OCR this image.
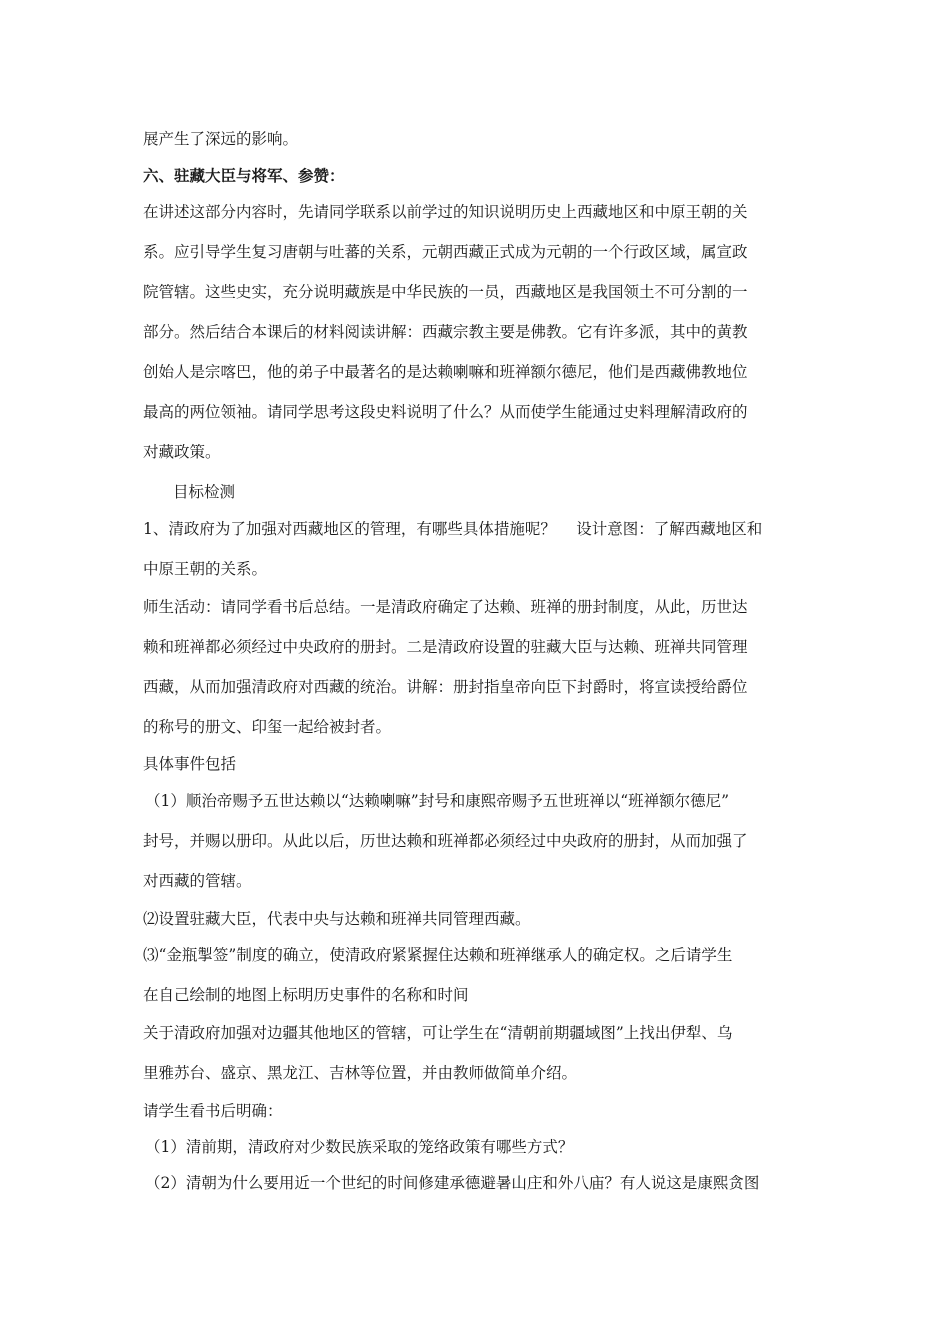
展产生了深远的影响。
六、驻藏大臣与将军、参赞：
在讲述这部分内容时，先请同学联系以前学过的知识说明历史上西藏地区和中原王朝的关
系。应引导学生复习唐朝与吐蕃的关系，元朝西藏正式成为元朝的一个行政区域，属宣政
院管辖。这些史实，充分说明藏族是中华民族的一员，西藏地区是我国领土不可分割的一
部分。然后结合本课后的材料阅读讲解：西藏宗教主要是佛教。它有许多派，其中的黄教
创始人是宗喀巴，他的弟子中最著名的是达赖喇嘛和班禅额尔德尼，他们是西藏佛教地位
最高的两位领袖。请同学思考这段史料说明了什么？从而使学生能通过史料理解清政府的
对藏政策。
目标检测
1、清政府为了加强对西藏地区的管理，有哪些具体措施呢？　 设计意图：了解西藏地区和
中原王朝的关系。
师生活动：请同学看书后总结。一是清政府确定了达赖、班禅的册封制度，从此，历世达
赖和班禅都必须经过中央政府的册封。二是清政府设置的驻藏大臣与达赖、班禅共同管理
西藏，从而加强清政府对西藏的统治。讲解：册封指皇帝向臣下封爵时，将宣读授给爵位
的称号的册文、印玺一起给被封者。
具体事件包括
（1）顺治帝赐予五世达赖以“达赖喇嘛”封号和康熙帝赐予五世班禅以“班禅额尔德尼”
封号，并赐以册印。从此以后，历世达赖和班禅都必须经过中央政府的册封，从而加强了
对西藏的管辖。
⑵设置驻藏大臣，代表中央与达赖和班禅共同管理西藏。
⑶“金瓶掣签”制度的确立，使清政府紧紧握住达赖和班禅继承人的确定权。之后请学生
在自己绘制的地图上标明历史事件的名称和时间
关于清政府加强对边疆其他地区的管辖，可让学生在“清朝前期疆域图”上找出伊犁、乌
里雅苏台、盛京、黑龙江、吉林等位置，并由教师做简单介绍。
请学生看书后明确：
（1）清前期，清政府对少数民族采取的笼络政策有哪些方式？
（2）清朝为什么要用近一个世纪的时间修建承德避暑山庄和外八庙？有人说这是康熙贪图
